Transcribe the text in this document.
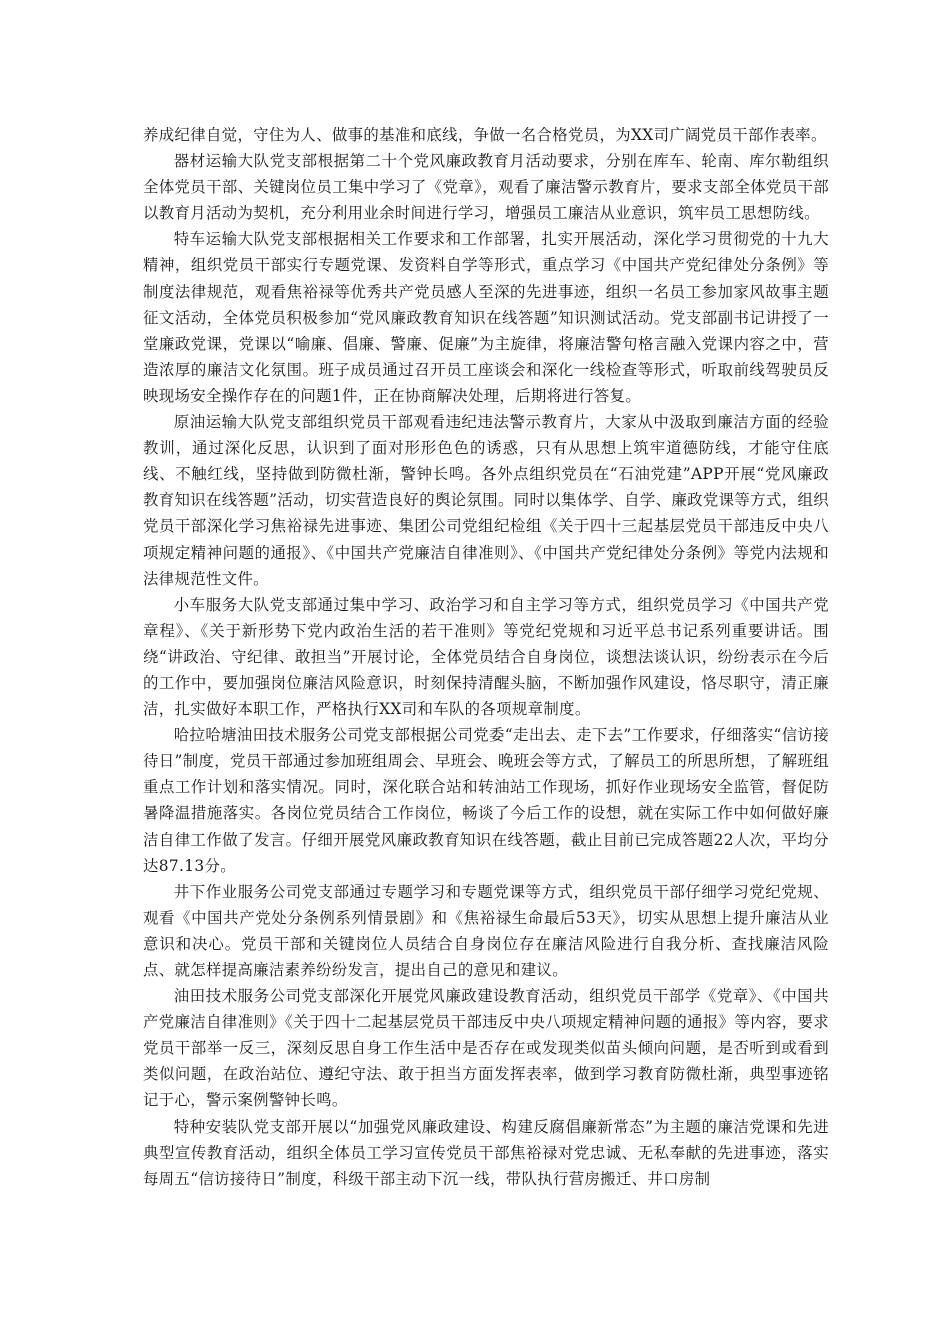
养成纪律自觉，守住为人、做事的基准和底线，争做一名合格党员，为XX司广阔党员干部作表率。

器材运输大队党支部根据第二十个党风廉政教育月活动要求，分别在库车、轮南、库尔勒组织全体党员干部、关键岗位员工集中学习了《党章》，观看了廉洁警示教育片，要求支部全体党员干部以教育月活动为契机，充分利用业余时间进行学习，增强员工廉洁从业意识，筑牢员工思想防线。

特车运输大队党支部根据相关工作要求和工作部署，扎实开展活动，深化学习贯彻党的十九大精神，组织党员干部实行专题党课、发资料自学等形式，重点学习《中国共产党纪律处分条例》等制度法律规范，观看焦裕禄等优秀共产党员感人至深的先进事迹，组织一名员工参加家风故事主题征文活动，全体党员积极参加“党风廉政教育知识在线答题”知识测试活动。党支部副书记讲授了一堂廉政党课，党课以“喻廉、倡廉、警廉、促廉”为主旋律，将廉洁警句格言融入党课内容之中，营造浓厚的廉洁文化氛围。班子成员通过召开员工座谈会和深化一线检查等形式，听取前线驾驶员反映现场安全操作存在的问题1件，正在协商解决处理，后期将进行答复。

原油运输大队党支部组织党员干部观看违纪违法警示教育片，大家从中汲取到廉洁方面的经验教训，通过深化反思，认识到了面对形形色色的诱惑，只有从思想上筑牢道德防线，才能守住底线、不触红线，坚持做到防微杜渐，警钟长鸣。各外点组织党员在“石油党建”APP开展“党风廉政教育知识在线答题”活动，切实营造良好的舆论氛围。同时以集体学、自学、廉政党课等方式，组织党员干部深化学习焦裕禄先进事迹、集团公司党组纪检组《关于四十三起基层党员干部违反中央八项规定精神问题的通报》、《中国共产党廉洁自律准则》、《中国共产党纪律处分条例》等党内法规和法律规范性文件。

小车服务大队党支部通过集中学习、政治学习和自主学习等方式，组织党员学习《中国共产党章程》、《关于新形势下党内政治生活的若干准则》等党纪党规和习近平总书记系列重要讲话。围绕“讲政治、守纪律、敢担当”开展讨论，全体党员结合自身岗位，谈想法谈认识，纷纷表示在今后的工作中，要加强岗位廉洁风险意识，时刻保持清醒头脑，不断加强作风建设，恪尽职守，清正廉洁，扎实做好本职工作，严格执行XX司和车队的各项规章制度。

哈拉哈塘油田技术服务公司党支部根据公司党委“走出去、走下去”工作要求，仔细落实“信访接待日”制度，党员干部通过参加班组周会、早班会、晚班会等方式，了解员工的所思所想，了解班组重点工作计划和落实情况。同时，深化联合站和转油站工作现场，抓好作业现场安全监管，督促防暑降温措施落实。各岗位党员结合工作岗位，畅谈了今后工作的设想，就在实际工作中如何做好廉洁自律工作做了发言。仔细开展党风廉政教育知识在线答题，截止目前已完成答题22人次，平均分达87.13分。

井下作业服务公司党支部通过专题学习和专题党课等方式，组织党员干部仔细学习党纪党规、观看《中国共产党处分条例系列情景剧》和《焦裕禄生命最后53天》，切实从思想上提升廉洁从业意识和决心。党员干部和关键岗位人员结合自身岗位存在廉洁风险进行自我分析、查找廉洁风险点、就怎样提高廉洁素养纷纷发言，提出自己的意见和建议。

油田技术服务公司党支部深化开展党风廉政建设教育活动，组织党员干部学《党章》、《中国共产党廉洁自律准则》《关于四十二起基层党员干部违反中央八项规定精神问题的通报》等内容，要求党员干部举一反三，深刻反思自身工作生活中是否存在或发现类似苗头倾向问题，是否听到或看到类似问题，在政治站位、遵纪守法、敢于担当方面发挥表率，做到学习教育防微杜渐，典型事迹铭记于心，警示案例警钟长鸣。

特种安装队党支部开展以“加强党风廉政建设、构建反腐倡廉新常态”为主题的廉洁党课和先进典型宣传教育活动，组织全体员工学习宣传党员干部焦裕禄对党忠诚、无私奉献的先进事迹，落实每周五“信访接待日”制度，科级干部主动下沉一线，带队执行营房搬迁、井口房制
